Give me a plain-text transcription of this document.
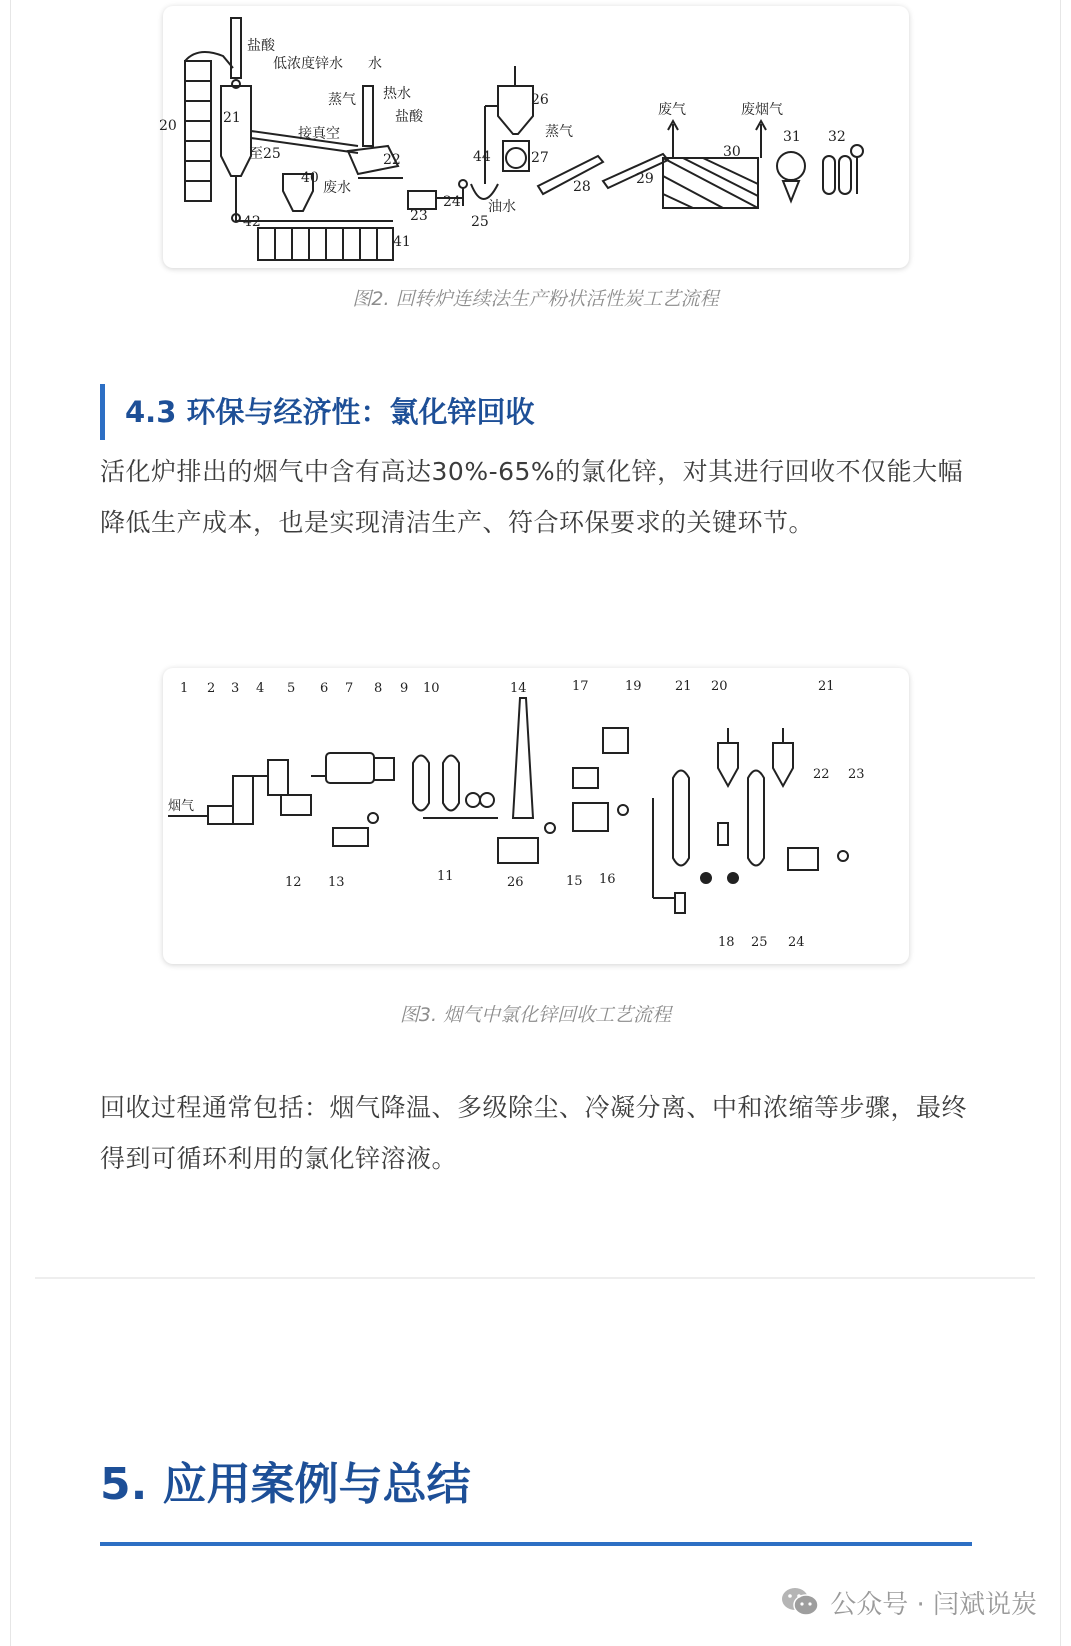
盐酸
低浓度锌水 水
蒸气 热水
盐酸
接真空
至25
废水
蒸气
油水
废气	废烟气
20	21
22
23
24
25
26
27
28	29
30
31 32
40
41
42
44
图2. 回转炉连续法生产粉状活性炭工艺流程
4.3 环保与经济性：氯化锌回收
活化炉排出的烟气中含有高达30%-65%的氯化锌，对其进行回收不仅能大幅降低生产成本，也是实现清洁生产、符合环保要求的关键环节。
烟气
1 2 3 4 5 6 7 8 9 10	14	17	19	21 20	21
22 23
12 13	11	26	15 16
18 25 24
图3. 烟气中氯化锌回收工艺流程
回收过程通常包括：烟气降温、多级除尘、冷凝分离、中和浓缩等步骤，最终得到可循环利用的氯化锌溶液。
5. 应用案例与总结
公众号 · 闫斌说炭
